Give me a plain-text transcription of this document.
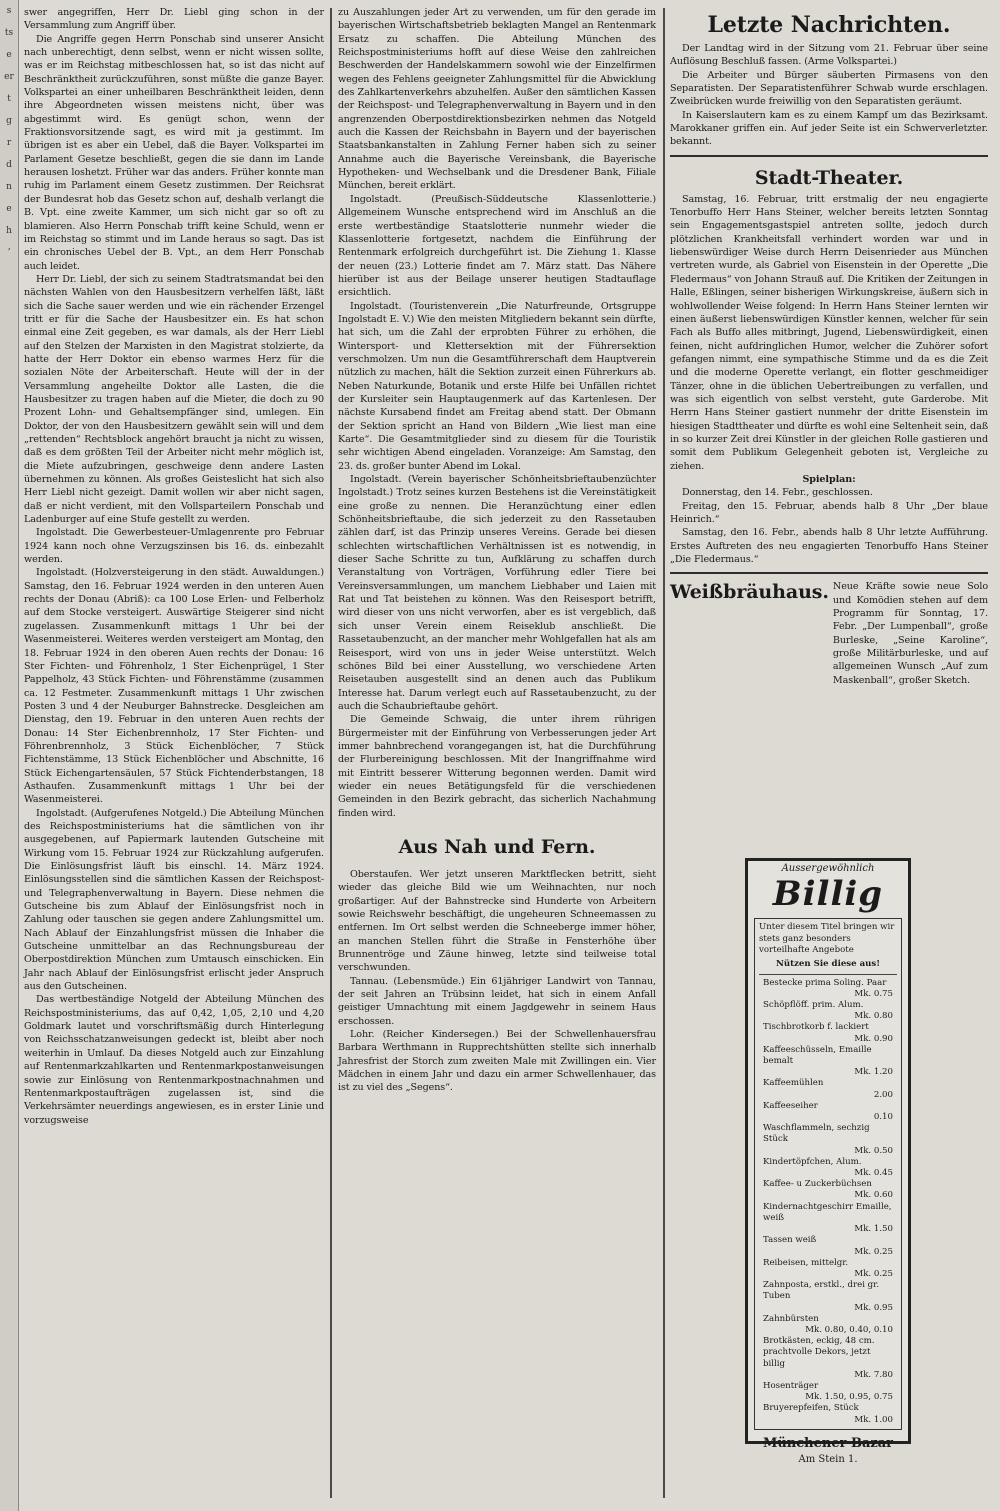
s
ts
e
er
t
g
r
d
n
e
h
’

swer angegriffen, Herr Dr. Liebl ging schon in der Versammlung zum Angriff über.

Die Angriffe gegen Herrn Ponschab sind unserer Ansicht nach unberechtigt, denn selbst, wenn er nicht wissen sollte, was er im Reichstag mitbeschlossen hat, so ist das nicht auf Beschränktheit zurückzuführen, sonst müßte die ganze Bayer. Volkspartei an einer unheilbaren Beschränktheit leiden, denn ihre Abgeordneten wissen meistens nicht, über was abgestimmt wird. Es genügt schon, wenn der Fraktionsvorsitzende sagt, es wird mit ja gestimmt. Im übrigen ist es aber ein Uebel, daß die Bayer. Volkspartei im Parlament Gesetze beschließt, gegen die sie dann im Lande herausen loshetzt. Früher war das anders. Früher konnte man ruhig im Parlament einem Gesetz zustimmen. Der Reichsrat der Bundesrat hob das Gesetz schon auf, deshalb verlangt die B. Vpt. eine zweite Kammer, um sich nicht gar so oft zu blamieren. Also Herrn Ponschab trifft keine Schuld, wenn er im Reichstag so stimmt und im Lande heraus so sagt. Das ist ein chronisches Uebel der B. Vpt., an dem Herr Ponschab auch leidet.

Herr Dr. Liebl, der sich zu seinem Stadtratsmandat bei den nächsten Wahlen von den Hausbesitzern verhelfen läßt, läßt sich die Sache sauer werden und wie ein rächender Erzengel tritt er für die Sache der Hausbesitzer ein. Es hat schon einmal eine Zeit gegeben, es war damals, als der Herr Liebl auf den Stelzen der Marxisten in den Magistrat stolzierte, da hatte der Herr Doktor ein ebenso warmes Herz für die sozialen Nöte der Arbeiterschaft. Heute will der in der Versammlung angeheilte Doktor alle Lasten, die die Hausbesitzer zu tragen haben auf die Mieter, die doch zu 90 Prozent Lohn- und Gehaltsempfänger sind, umlegen. Ein Doktor, der von den Hausbesitzern gewählt sein will und dem „rettenden“ Rechtsblock angehört braucht ja nicht zu wissen, daß es dem größten Teil der Arbeiter nicht mehr möglich ist, die Miete aufzubringen, geschweige denn andere Lasten übernehmen zu können. Als großes Geisteslicht hat sich also Herr Liebl nicht gezeigt. Damit wollen wir aber nicht sagen, daß er nicht verdient, mit den Vollsparteilern Ponschab und Ladenburger auf eine Stufe gestellt zu werden.

Ingolstadt. Die Gewerbesteuer-Umlagenrente pro Februar 1924 kann noch ohne Verzugszinsen bis 16. ds. einbezahlt werden.

Ingolstadt. (Holzversteigerung in den städt. Auwaldungen.) Samstag, den 16. Februar 1924 werden in den unteren Auen rechts der Donau (Abriß): ca 100 Lose Erlen- und Felberholz auf dem Stocke versteigert. Auswärtige Steigerer sind nicht zugelassen. Zusammenkunft mittags 1 Uhr bei der Wasenmeisterei. Weiteres werden versteigert am Montag, den 18. Februar 1924 in den oberen Auen rechts der Donau: 16 Ster Fichten- und Föhrenholz, 1 Ster Eichenprügel, 1 Ster Pappelholz, 43 Stück Fichten- und Föhrenstämme (zusammen ca. 12 Festmeter. Zusammenkunft mittags 1 Uhr zwischen Posten 3 und 4 der Neuburger Bahnstrecke. Desgleichen am Dienstag, den 19. Februar in den unteren Auen rechts der Donau: 14 Ster Eichenbrennholz, 17 Ster Fichten- und Föhrenbrennholz, 3 Stück Eichenblöcher, 7 Stück Fichtenstämme, 13 Stück Eichenblöcher und Abschnitte, 16 Stück Eichengartensäulen, 57 Stück Fichtenderbstangen, 18 Asthaufen. Zusammenkunft mittags 1 Uhr bei der Wasenmeisterei.

Ingolstadt. (Aufgerufenes Notgeld.) Die Abteilung München des Reichspostministeriums hat die sämtlichen von ihr ausgegebenen, auf Papiermark lautenden Gutscheine mit Wirkung vom 15. Februar 1924 zur Rückzahlung aufgerufen. Die Einlösungsfrist läuft bis einschl. 14. März 1924. Einlösungsstellen sind die sämtlichen Kassen der Reichspost- und Telegraphenverwaltung in Bayern. Diese nehmen die Gutscheine bis zum Ablauf der Einlösungsfrist noch in Zahlung oder tauschen sie gegen andere Zahlungsmittel um. Nach Ablauf der Einzahlungsfrist müssen die Inhaber die Gutscheine unmittelbar an das Rechnungsbureau der Oberpostdirektion München zum Umtausch einschicken. Ein Jahr nach Ablauf der Einlösungsfrist erlischt jeder Anspruch aus den Gutscheinen.

Das wertbeständige Notgeld der Abteilung München des Reichspostministeriums, das auf 0,42, 1,05, 2,10 und 4,20 Goldmark lautet und vorschriftsmäßig durch Hinterlegung von Reichsschatzanweisungen gedeckt ist, bleibt aber noch weiterhin in Umlauf. Da dieses Notgeld auch zur Einzahlung auf Rentenmarkzahlkarten und Rentenmarkpostanweisungen sowie zur Einlösung von Rentenmarkpostnachnahmen und Rentenmarkpostaufträgen zugelassen ist, sind die Verkehrsämter neuerdings angewiesen, es in erster Linie und vorzugsweise

zu Auszahlungen jeder Art zu verwenden, um für den gerade im bayerischen Wirtschaftsbetrieb beklagten Mangel an Rentenmark Ersatz zu schaffen. Die Abteilung München des Reichspostministeriums hofft auf diese Weise den zahlreichen Beschwerden der Handelskammern sowohl wie der Einzelfirmen wegen des Fehlens geeigneter Zahlungsmittel für die Abwicklung des Zahlkartenverkehrs abzuhelfen. Außer den sämtlichen Kassen der Reichspost- und Telegraphenverwaltung in Bayern und in den angrenzenden Oberpostdirektionsbezirken nehmen das Notgeld auch die Kassen der Reichsbahn in Bayern und der bayerischen Staatsbankanstalten in Zahlung Ferner haben sich zu seiner Annahme auch die Bayerische Vereinsbank, die Bayerische Hypotheken- und Wechselbank und die Dresdener Bank, Filiale München, bereit erklärt.

Ingolstadt. (Preußisch-Süddeutsche Klassenlotterie.) Allgemeinem Wunsche entsprechend wird im Anschluß an die erste wertbeständige Staatslotterie nunmehr wieder die Klassenlotterie fortgesetzt, nachdem die Einführung der Rentenmark erfolgreich durchgeführt ist. Die Ziehung 1. Klasse der neuen (23.) Lotterie findet am 7. März statt. Das Nähere hierüber ist aus der Beilage unserer heutigen Stadtauflage ersichtlich.

Ingolstadt. (Touristenverein „Die Naturfreunde, Ortsgruppe Ingolstadt E. V.) Wie den meisten Mitgliedern bekannt sein dürfte, hat sich, um die Zahl der erprobten Führer zu erhöhen, die Wintersport- und Klettersektion mit der Führersektion verschmolzen. Um nun die Gesamtführerschaft dem Hauptverein nützlich zu machen, hält die Sektion zurzeit einen Führerkurs ab. Neben Naturkunde, Botanik und erste Hilfe bei Unfällen richtet der Kursleiter sein Hauptaugenmerk auf das Kartenlesen. Der nächste Kursabend findet am Freitag abend statt. Der Obmann der Sektion spricht an Hand von Bildern „Wie liest man eine Karte“. Die Gesamtmitglieder sind zu diesem für die Touristik sehr wichtigen Abend eingeladen. Voranzeige: Am Samstag, den 23. ds. großer bunter Abend im Lokal.

Ingolstadt. (Verein bayerischer Schönheitsbrieftaubenzüchter Ingolstadt.) Trotz seines kurzen Bestehens ist die Vereinstätigkeit eine große zu nennen. Die Heranzüchtung einer edlen Schönheitsbrieftaube, die sich jederzeit zu den Rassetauben zählen darf, ist das Prinzip unseres Vereins. Gerade bei diesen schlechten wirtschaftlichen Verhältnissen ist es notwendig, in dieser Sache Schritte zu tun, Aufklärung zu schaffen durch Veranstaltung von Vorträgen, Vorführung edler Tiere bei Vereinsversammlungen, um manchem Liebhaber und Laien mit Rat und Tat beistehen zu können. Was den Reisesport betrifft, wird dieser von uns nicht verworfen, aber es ist vergeblich, daß sich unser Verein einem Reiseklub anschließt. Die Rassetaubenzucht, an der mancher mehr Wohlgefallen hat als am Reisesport, wird von uns in jeder Weise unterstützt. Welch schönes Bild bei einer Ausstellung, wo verschiedene Arten Reisetauben ausgestellt sind an denen auch das Publikum Interesse hat. Darum verlegt euch auf Rassetaubenzucht, zu der auch die Schaubrieftaube gehört.

Die Gemeinde Schwaig, die unter ihrem rührigen Bürgermeister mit der Einführung von Verbesserungen jeder Art immer bahnbrechend vorangegangen ist, hat die Durchführung der Flurbereinigung beschlossen. Mit der Inangriffnahme wird mit Eintritt besserer Witterung begonnen werden. Damit wird wieder ein neues Betätigungsfeld für die verschiedenen Gemeinden in den Bezirk gebracht, das sicherlich Nachahmung finden wird.

Aus Nah und Fern.

Oberstaufen. Wer jetzt unseren Marktflecken betritt, sieht wieder das gleiche Bild wie um Weihnachten, nur noch großartiger. Auf der Bahnstrecke sind Hunderte von Arbeitern sowie Reichswehr beschäftigt, die ungeheuren Schneemassen zu entfernen. Im Ort selbst werden die Schneeberge immer höher, an manchen Stellen führt die Straße in Fensterhöhe über Brunnentröge und Zäune hinweg, letzte sind teilweise total verschwunden.

Tannau. (Lebensmüde.) Ein 61jähriger Landwirt von Tannau, der seit Jahren an Trübsinn leidet, hat sich in einem Anfall geistiger Umnachtung mit einem Jagdgewehr in seinem Haus erschossen.

Lohr. (Reicher Kindersegen.) Bei der Schwellenhauersfrau Barbara Werthmann in Rupprechtshütten stellte sich innerhalb Jahresfrist der Storch zum zweiten Male mit Zwillingen ein. Vier Mädchen in einem Jahr und dazu ein armer Schwellenhauer, das ist zu viel des „Segens“.

Letzte Nachrichten.

Der Landtag wird in der Sitzung vom 21. Februar über seine Auflösung Beschluß fassen. (Arme Volkspartei.)

Die Arbeiter und Bürger säuberten Pirmasens von den Separatisten. Der Separatistenführer Schwab wurde erschlagen. Zweibrücken wurde freiwillig von den Separatisten geräumt.

In Kaiserslautern kam es zu einem Kampf um das Bezirksamt. Marokkaner griffen ein. Auf jeder Seite ist ein Schwerverletzter. bekannt.

Stadt-Theater.

Samstag, 16. Februar, tritt erstmalig der neu engagierte Tenorbuffo Herr Hans Steiner, welcher bereits letzten Sonntag sein Engagementsgastspiel antreten sollte, jedoch durch plötzlichen Krankheitsfall verhindert worden war und in liebenswürdiger Weise durch Herrn Deisenrieder aus München vertreten wurde, als Gabriel von Eisenstein in der Operette „Die Fledermaus“ von Johann Strauß auf. Die Kritiken der Zeitungen in Halle, Eßlingen, seiner bisherigen Wirkungskreise, äußern sich in wohlwollender Weise folgend: In Herrn Hans Steiner lernten wir einen äußerst liebenswürdigen Künstler kennen, welcher für sein Fach als Buffo alles mitbringt, Jugend, Liebenswürdigkeit, einen feinen, nicht aufdringlichen Humor, welcher die Zuhörer sofort gefangen nimmt, eine sympathische Stimme und da es die Zeit und die moderne Operette verlangt, ein flotter geschmeidiger Tänzer, ohne in die üblichen Uebertreibungen zu verfallen, und was sich eigentlich von selbst versteht, gute Garderobe. Mit Herrn Hans Steiner gastiert nunmehr der dritte Eisenstein im hiesigen Stadttheater und dürfte es wohl eine Seltenheit sein, daß in so kurzer Zeit drei Künstler in der gleichen Rolle gastieren und somit dem Publikum Gelegenheit geboten ist, Vergleiche zu ziehen.

Spielplan:

Donnerstag, den 14. Febr., geschlossen.

Freitag, den 15. Februar, abends halb 8 Uhr „Der blaue Heinrich.“

Samstag, den 16. Febr., abends halb 8 Uhr letzte Aufführung. Erstes Auftreten des neu engagierten Tenorbuffo Hans Steiner „Die Fledermaus.“

Weißbräuhaus. Neue Kräfte sowie neue Solo und Komödien stehen auf dem Programm für Sonntag, 17. Febr. „Der Lumpenball“, große Burleske, „Seine Karoline“, große Militärburleske, und auf allgemeinen Wunsch „Auf zum Maskenball“, großer Sketch.
Aussergewöhnlich
Billig
Unter diesem Titel bringen wir stets ganz besonders vorteilhafte Angebote
Nützen Sie diese aus!
Bestecke prima Soling. Paar
Mk. 0.75
Schöpflöff. prim. Alum.
Mk. 0.80
Tischbrotkorb f. lackiert
Mk. 0.90
Kaffeeschüsseln, Emaille bemalt
Mk. 1.20
Kaffeemühlen
2.00
Kaffeeseiher
0.10
Waschflammeln, sechzig Stück
Mk. 0.50
Kindertöpfchen, Alum.
Mk. 0.45
Kaffee- u Zuckerbüchsen
Mk. 0.60
Kindernachtgeschirr Emaille, weiß
Mk. 1.50
Tassen weiß
Mk. 0.25
Reibeisen, mittelgr.
Mk. 0.25
Zahnposta, erstkl., drei gr. Tuben
Mk. 0.95
Zahnbürsten
Mk. 0.80, 0.40, 0.10
Brotkästen, eckig, 48 cm. prachtvolle Dekors, jetzt billig
Mk. 7.80
Hosenträger
Mk. 1.50, 0.95, 0.75
Bruyerepfeifen, Stück
Mk. 1.00
Münchener Bazar
Am Stein 1.
